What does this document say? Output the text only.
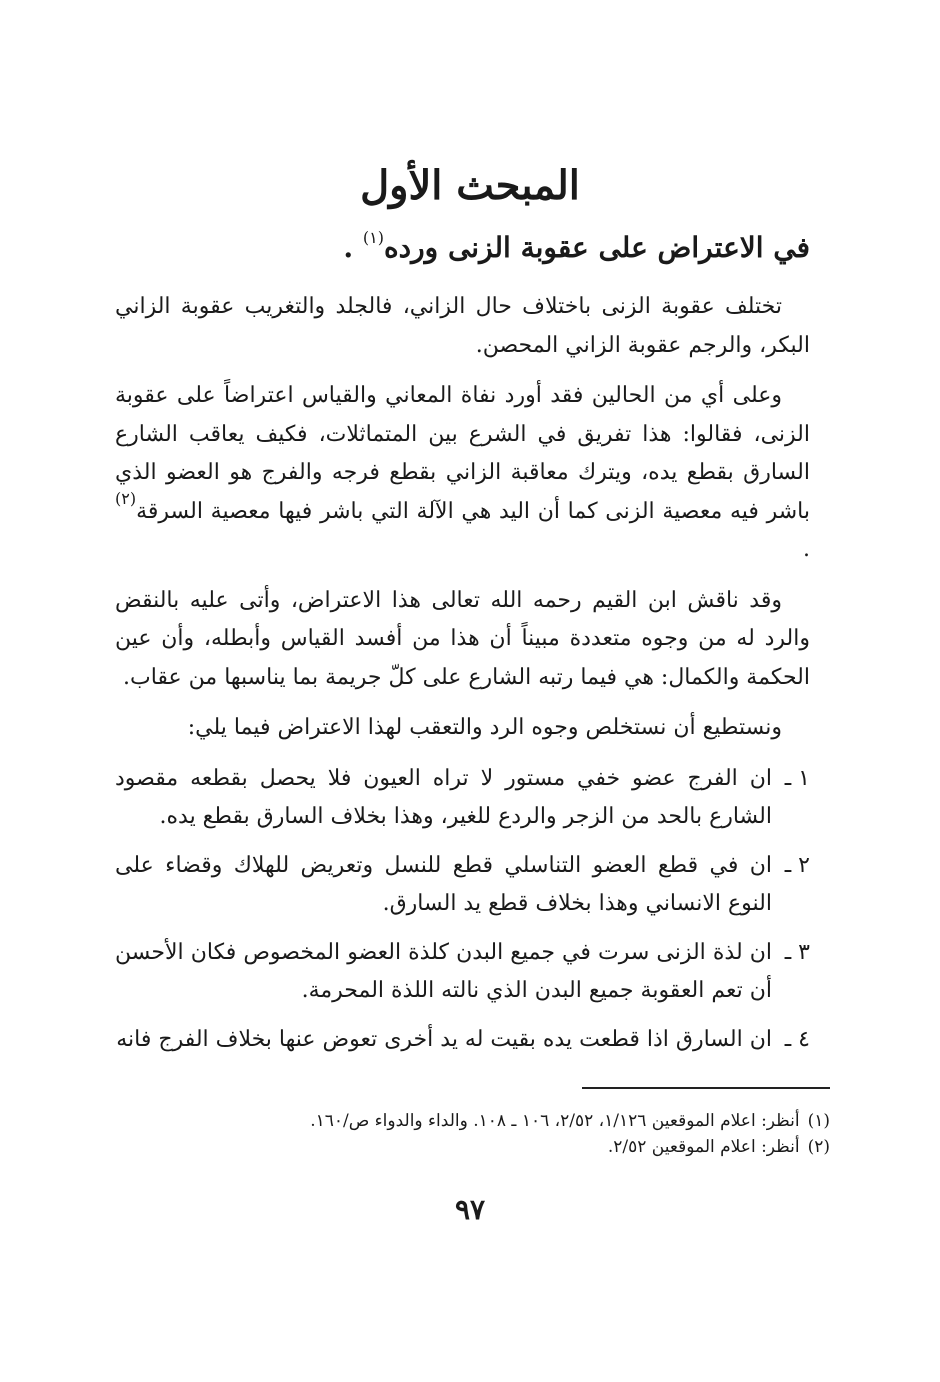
المبحث الأول
في الاعتراض على عقوبة الزنى ورده$^{(١)}$ .

تختلف عقوبة الزنى باختلاف حال الزاني، فالجلد والتغريب عقوبة الزاني البكر، والرجم عقوبة الزاني المحصن.

وعلى أي من الحالين فقد أورد نفاة المعاني والقياس اعتراضاً على عقوبة الزنى، فقالوا: هذا تفريق في الشرع بين المتماثلات، فكيف يعاقب الشارع السارق بقطع يده، ويترك معاقبة الزاني بقطع فرجه والفرج هو العضو الذي باشر فيه معصية الزنى كما أن اليد هي الآلة التي باشر فيها معصية السرقة$^{(٢)}$ .

وقد ناقش ابن القيم رحمه الله تعالى هذا الاعتراض، وأتى عليه بالنقض والرد له من وجوه متعددة مبيناً أن هذا من أفسد القياس وأبطله، وأن عين الحكمة والكمال: هي فيما رتبه الشارع على كلّ جريمة بما يناسبها من عقاب.

ونستطيع أن نستخلص وجوه الرد والتعقب لهذا الاعتراض فيما يلي:

١ ـ
ان الفرج عضو خفي مستور لا تراه العيون فلا يحصل بقطعه مقصود الشارع بالحد من الزجر والردع للغير، وهذا بخلاف السارق بقطع يده.
٢ ـ
ان في قطع العضو التناسلي قطع للنسل وتعريض للهلاك وقضاء على النوع الانساني وهذا بخلاف قطع يد السارق.
٣ ـ
ان لذة الزنى سرت في جميع البدن كلذة العضو المخصوص فكان الأحسن أن تعم العقوبة جميع البدن الذي نالته اللذة المحرمة.
٤ ـ
ان السارق اذا قطعت يده بقيت له يد أخرى تعوض عنها بخلاف الفرج فانه

(١)أنظر: اعلام الموقعين ١/١٢٦، ٢/٥٢، ١٠٦ ـ ١٠٨. والداء والدواء ص/١٦٠.

(٢)أنظر: اعلام الموقعين ٢/٥٢.

٩٧
